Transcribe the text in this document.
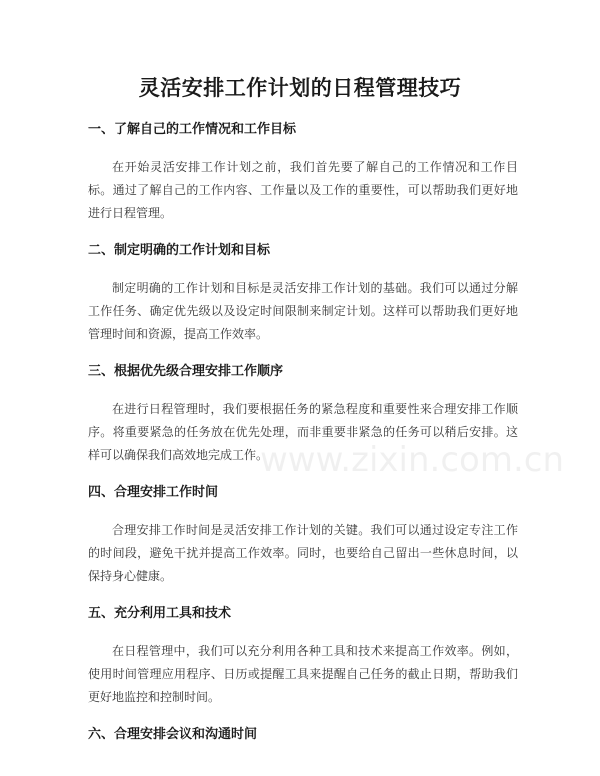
灵活安排工作计划的日程管理技巧
一、了解自己的工作情况和工作目标

在开始灵活安排工作计划之前，我们首先要了解自己的工作情况和工作目标。通过了解自己的工作内容、工作量以及工作的重要性，可以帮助我们更好地进行日程管理。

二、制定明确的工作计划和目标

制定明确的工作计划和目标是灵活安排工作计划的基础。我们可以通过分解工作任务、确定优先级以及设定时间限制来制定计划。这样可以帮助我们更好地管理时间和资源，提高工作效率。

三、根据优先级合理安排工作顺序

在进行日程管理时，我们要根据任务的紧急程度和重要性来合理安排工作顺序。将重要紧急的任务放在优先处理，而非重要非紧急的任务可以稍后安排。这样可以确保我们高效地完成工作。

四、合理安排工作时间

合理安排工作时间是灵活安排工作计划的关键。我们可以通过设定专注工作的时间段，避免干扰并提高工作效率。同时，也要给自己留出一些休息时间，以保持身心健康。

五、充分利用工具和技术

在日程管理中，我们可以充分利用各种工具和技术来提高工作效率。例如，使用时间管理应用程序、日历或提醒工具来提醒自己任务的截止日期，帮助我们更好地监控和控制时间。

六、合理安排会议和沟通时间
www.zixin.com.cn
